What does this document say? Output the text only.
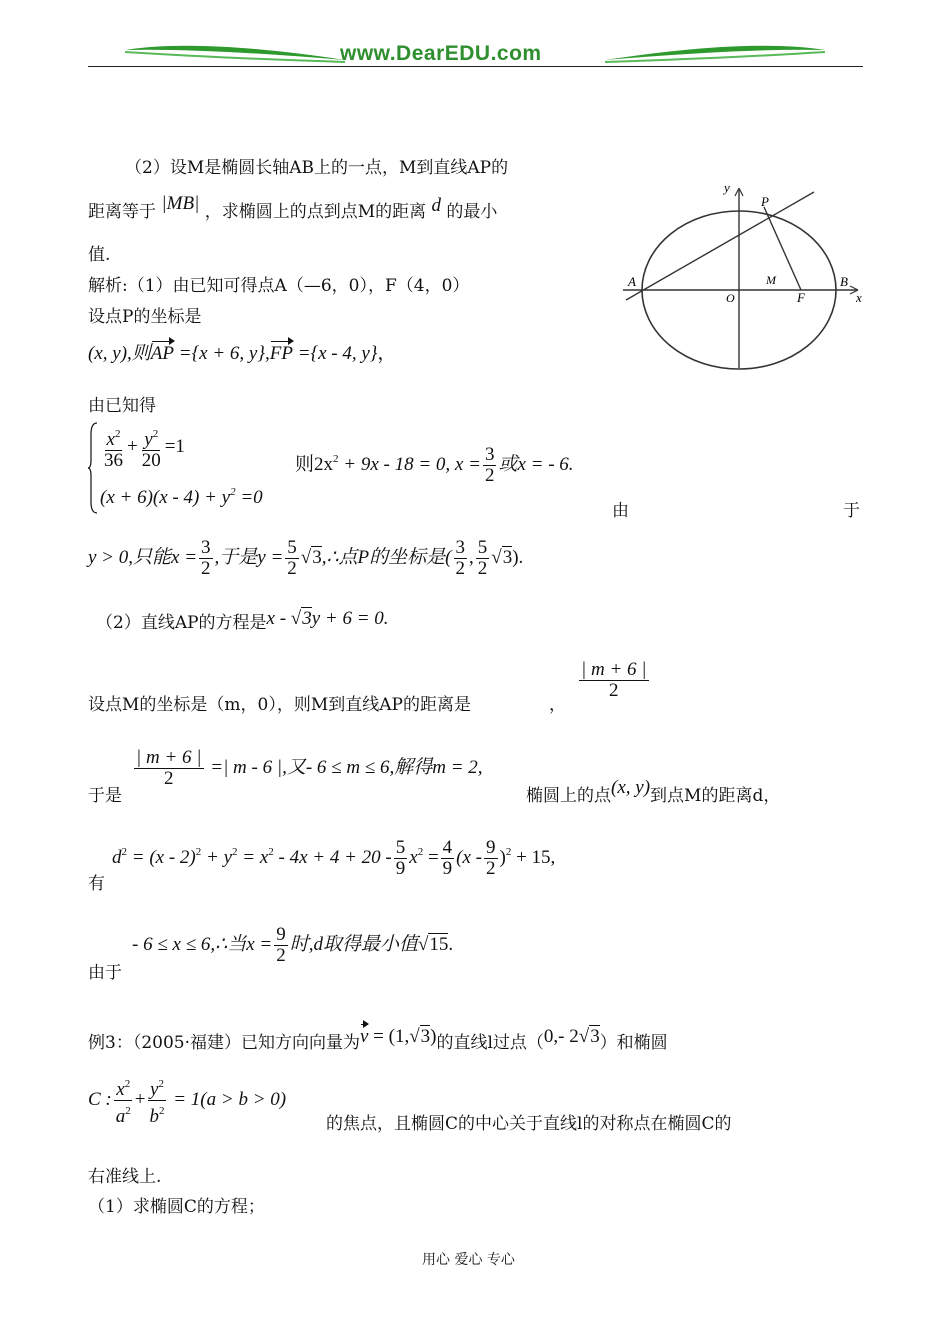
www.DearEDU.com
（2）设M是椭圆长轴AB上的一点，M到直线AP的
距离等于 |MB| ，求椭圆上的点到点M的距离 d 的最小
值.
解析:（1）由已知可得点A（—6，0），F（4，0）
设点P的坐标是
(x, y),则AP ={x + 6, y},FP ={x - 4, y}，
由已知得
$\frac{x^2}{36} + \frac{y^2}{20} =1$
$(x + 6)(x - 4) + y^2 =0$
则$2x^2 + 9x - 18 = 0$, $x = \frac{3}{2}$ 或x = - 6.
由	于
y > 0,只能$x = \frac{3}{2}$ ,于是$y = \frac{5}{2}$ √3,∴点P的坐标是( $\frac{3}{2}$ , $\frac{5}{2} √3$).
（2）直线AP的方程是x - √3y + 6 = 0.
$\frac{| m + 6 |}{2}$
设点M的坐标是（m，0），则M到直线AP的距离是	，
于是
$\frac{| m + 6 |}{2}$ =| m - 6 |,又- 6 ≤ m ≤ 6,解得m = 2,
椭圆上的点(x, y)到点M的距离d，
有
$d^2 = (x - 2)^2 + y^2 = x^2 - 4x + 4 + 20 - \frac{5}{9} x^2 = \frac{4}{9} (x - \frac{9}{2} )^2 + 15$,
由于
- 6 ≤ x ≤ 6,∴当$x = \frac{9}{2}$ 时,d取得最小值√15.
例3：（2005·福建）已知方向向量为v = (1,√3)的直线l过点（0,- 2√3）和椭圆
C : $\frac{x^2}{a^2} + \frac{y^2}{b^2} = 1(a > b > 0)$
的焦点，且椭圆C的中心关于直线l的对称点在椭圆C的
右准线上.
（1）求椭圆C的方程；
y
P
A	M	B
O	F	x
用心 爱心 专心
